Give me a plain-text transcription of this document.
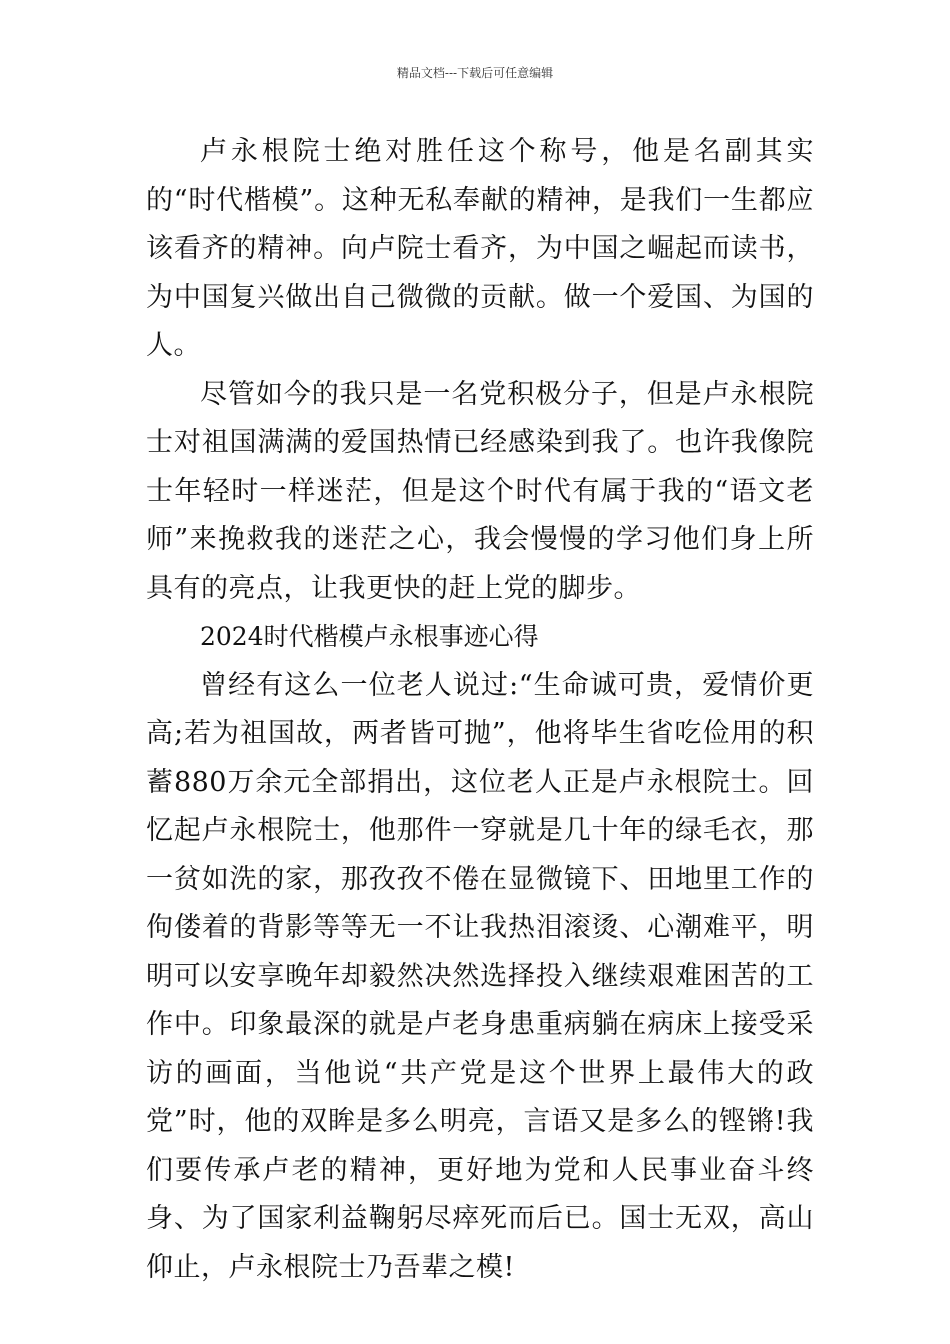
精品文档---下载后可任意编辑

卢永根院士绝对胜任这个称号，他是名副其实的“时代楷模”。这种无私奉献的精神，是我们一生都应该看齐的精神。向卢院士看齐，为中国之崛起而读书，为中国复兴做出自己微微的贡献。做一个爱国、为国的人。

尽管如今的我只是一名党积极分子，但是卢永根院士对祖国满满的爱国热情已经感染到我了。也许我像院士年轻时一样迷茫，但是这个时代有属于我的“语文老师”来挽救我的迷茫之心，我会慢慢的学习他们身上所具有的亮点，让我更快的赶上党的脚步。

2024时代楷模卢永根事迹心得

曾经有这么一位老人说过:“生命诚可贵，爱情价更高;若为祖国故，两者皆可抛”，他将毕生省吃俭用的积蓄880万余元全部捐出，这位老人正是卢永根院士。回忆起卢永根院士，他那件一穿就是几十年的绿毛衣，那一贫如洗的家，那孜孜不倦在显微镜下、田地里工作的佝偻着的背影等等无一不让我热泪滚烫、心潮难平，明明可以安享晚年却毅然决然选择投入继续艰难困苦的工作中。印象最深的就是卢老身患重病躺在病床上接受采访的画面，当他说“共产党是这个世界上最伟大的政党”时，他的双眸是多么明亮，言语又是多么的铿锵!我们要传承卢老的精神，更好地为党和人民事业奋斗终身、为了国家利益鞠躬尽瘁死而后已。国士无双，高山仰止，卢永根院士乃吾辈之模!
